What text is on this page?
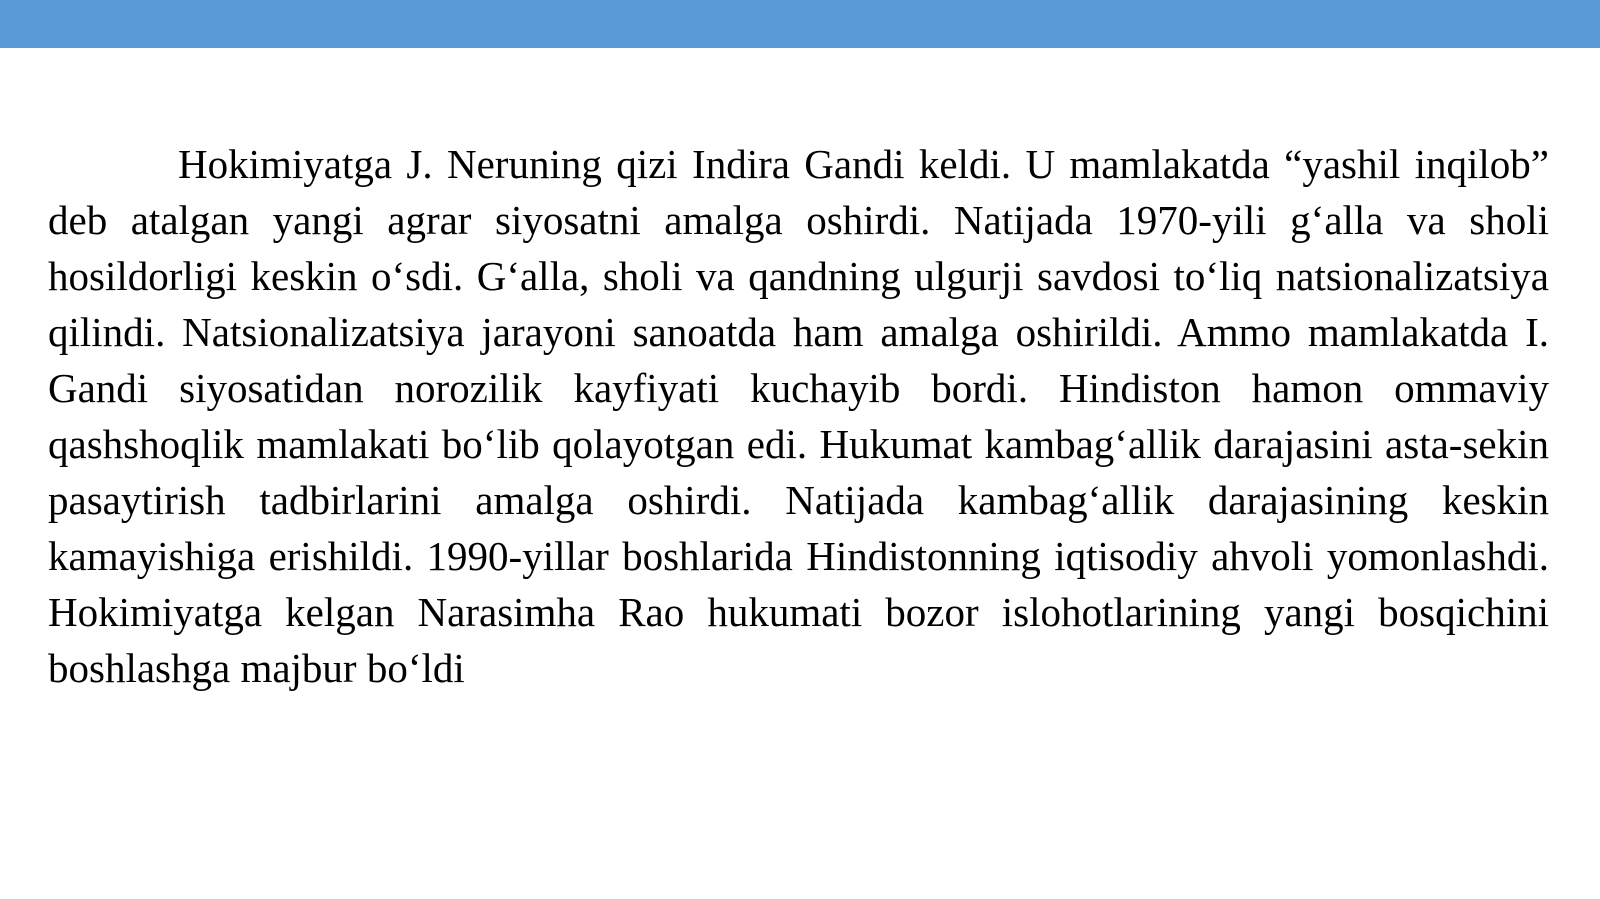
Hokimiyatga J. Neruning qizi Indira Gandi keldi. U mamlakatda “yashil inqilob” deb atalgan yangi agrar siyosatni amalga oshirdi. Natijada 1970-yili g‘alla va sholi hosildorligi keskin o‘sdi. G‘alla, sholi va qandning ulgurji savdosi to‘liq natsionalizatsiya qilindi. Natsionalizatsiya jarayoni sanoatda ham amalga oshirildi. Ammo mamlakatda I. Gandi siyosatidan norozilik kayfiyati kuchayib bordi. Hindiston hamon ommaviy qashshoqlik mamlakati bo‘lib qolayotgan edi. Hukumat kambag‘allik darajasini asta-sekin pasaytirish tadbirlarini amalga oshirdi. Natijada kambag‘allik darajasining keskin kamayishiga erishildi. 1990-yillar boshlarida Hindistonning iqtisodiy ahvoli yomonlashdi. Hokimiyatga kelgan Narasimha Rao hukumati bozor islohotlarining yangi bosqichini boshlashga majbur bo‘ldi
